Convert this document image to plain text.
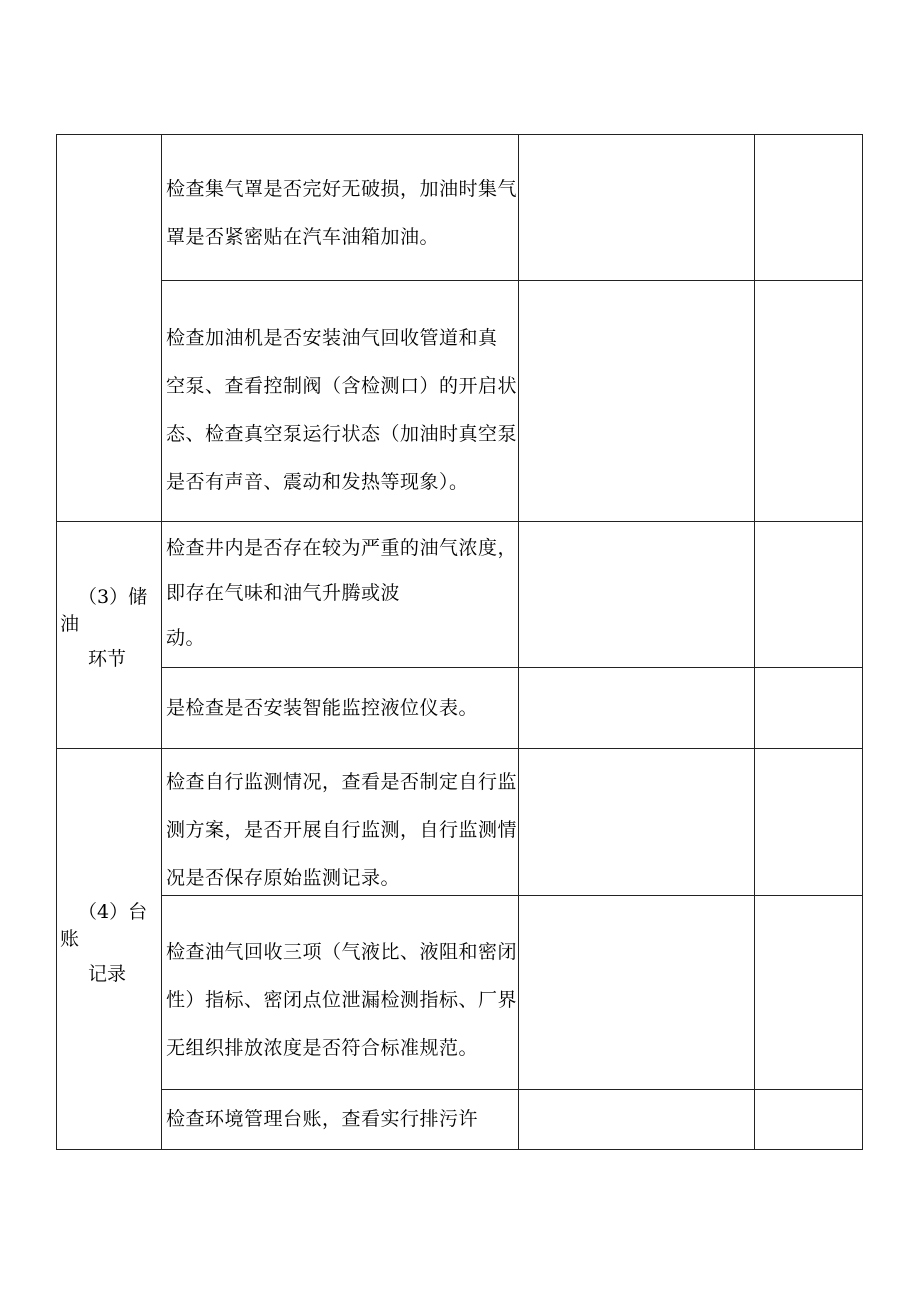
（3）储
油
环节
（4）台
账
记录
检查集气罩是否完好无破损，加油时集气
罩是否紧密贴在汽车油箱加油。
检查加油机是否安装油气回收管道和真
空泵、查看控制阀（含检测口）的开启状
态、检查真空泵运行状态（加油时真空泵
是否有声音、震动和发热等现象）。
检查井内是否存在较为严重的油气浓度，
即存在气味和油气升腾或波
动。
是检查是否安装智能监控液位仪表。
检查自行监测情况，查看是否制定自行监
测方案，是否开展自行监测，自行监测情
况是否保存原始监测记录。
检查油气回收三项（气液比、液阻和密闭
性）指标、密闭点位泄漏检测指标、厂界
无组织排放浓度是否符合标准规范。
检查环境管理台账，查看实行排污许
